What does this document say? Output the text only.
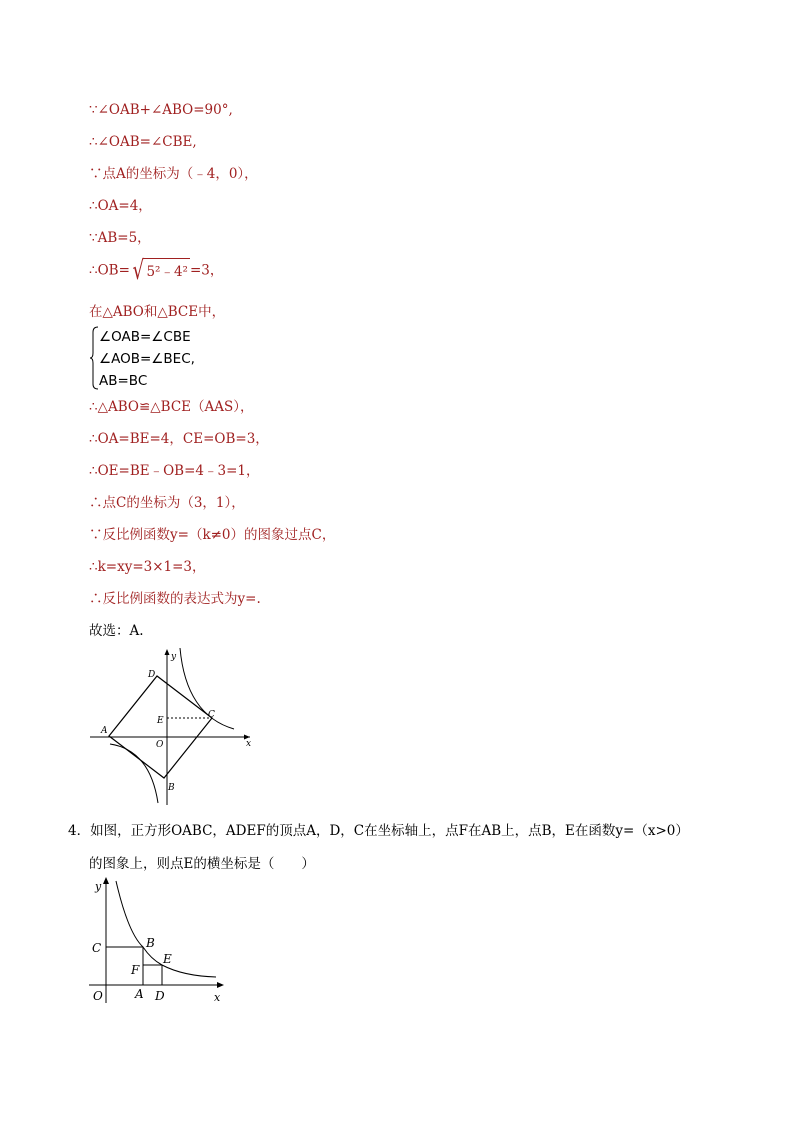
∵∠OAB+∠ABO=90°,
∴∠OAB=∠CBE,
∵点A的坐标为（﹣4，0），
∴OA=4，
∵AB=5，
∴OB= √ 5²﹣4² =3，
在△ABO和△BCE中，
∠OAB=∠CBE
∠AOB=∠BEC,
AB=BC
∴△ABO≌△BCE（AAS），
∴OA=BE=4，CE=OB=3，
∴OE=BE﹣OB=4﹣3=1，
∴点C的坐标为（3，1），
∵反比例函数y=（k≠0）的图象过点C，
∴k=xy=3×1=3，
∴反比例函数的表达式为y=.
故选：A.
y
x
A
B
C
D
E
O
4．如图，正方形OABC，ADEF的顶点A，D，C在坐标轴上，点F在AB上，点B，E在函数y=（x>0）
的图象上，则点E的横坐标是（　　）
y
x
C	B
E
F
O	A D
